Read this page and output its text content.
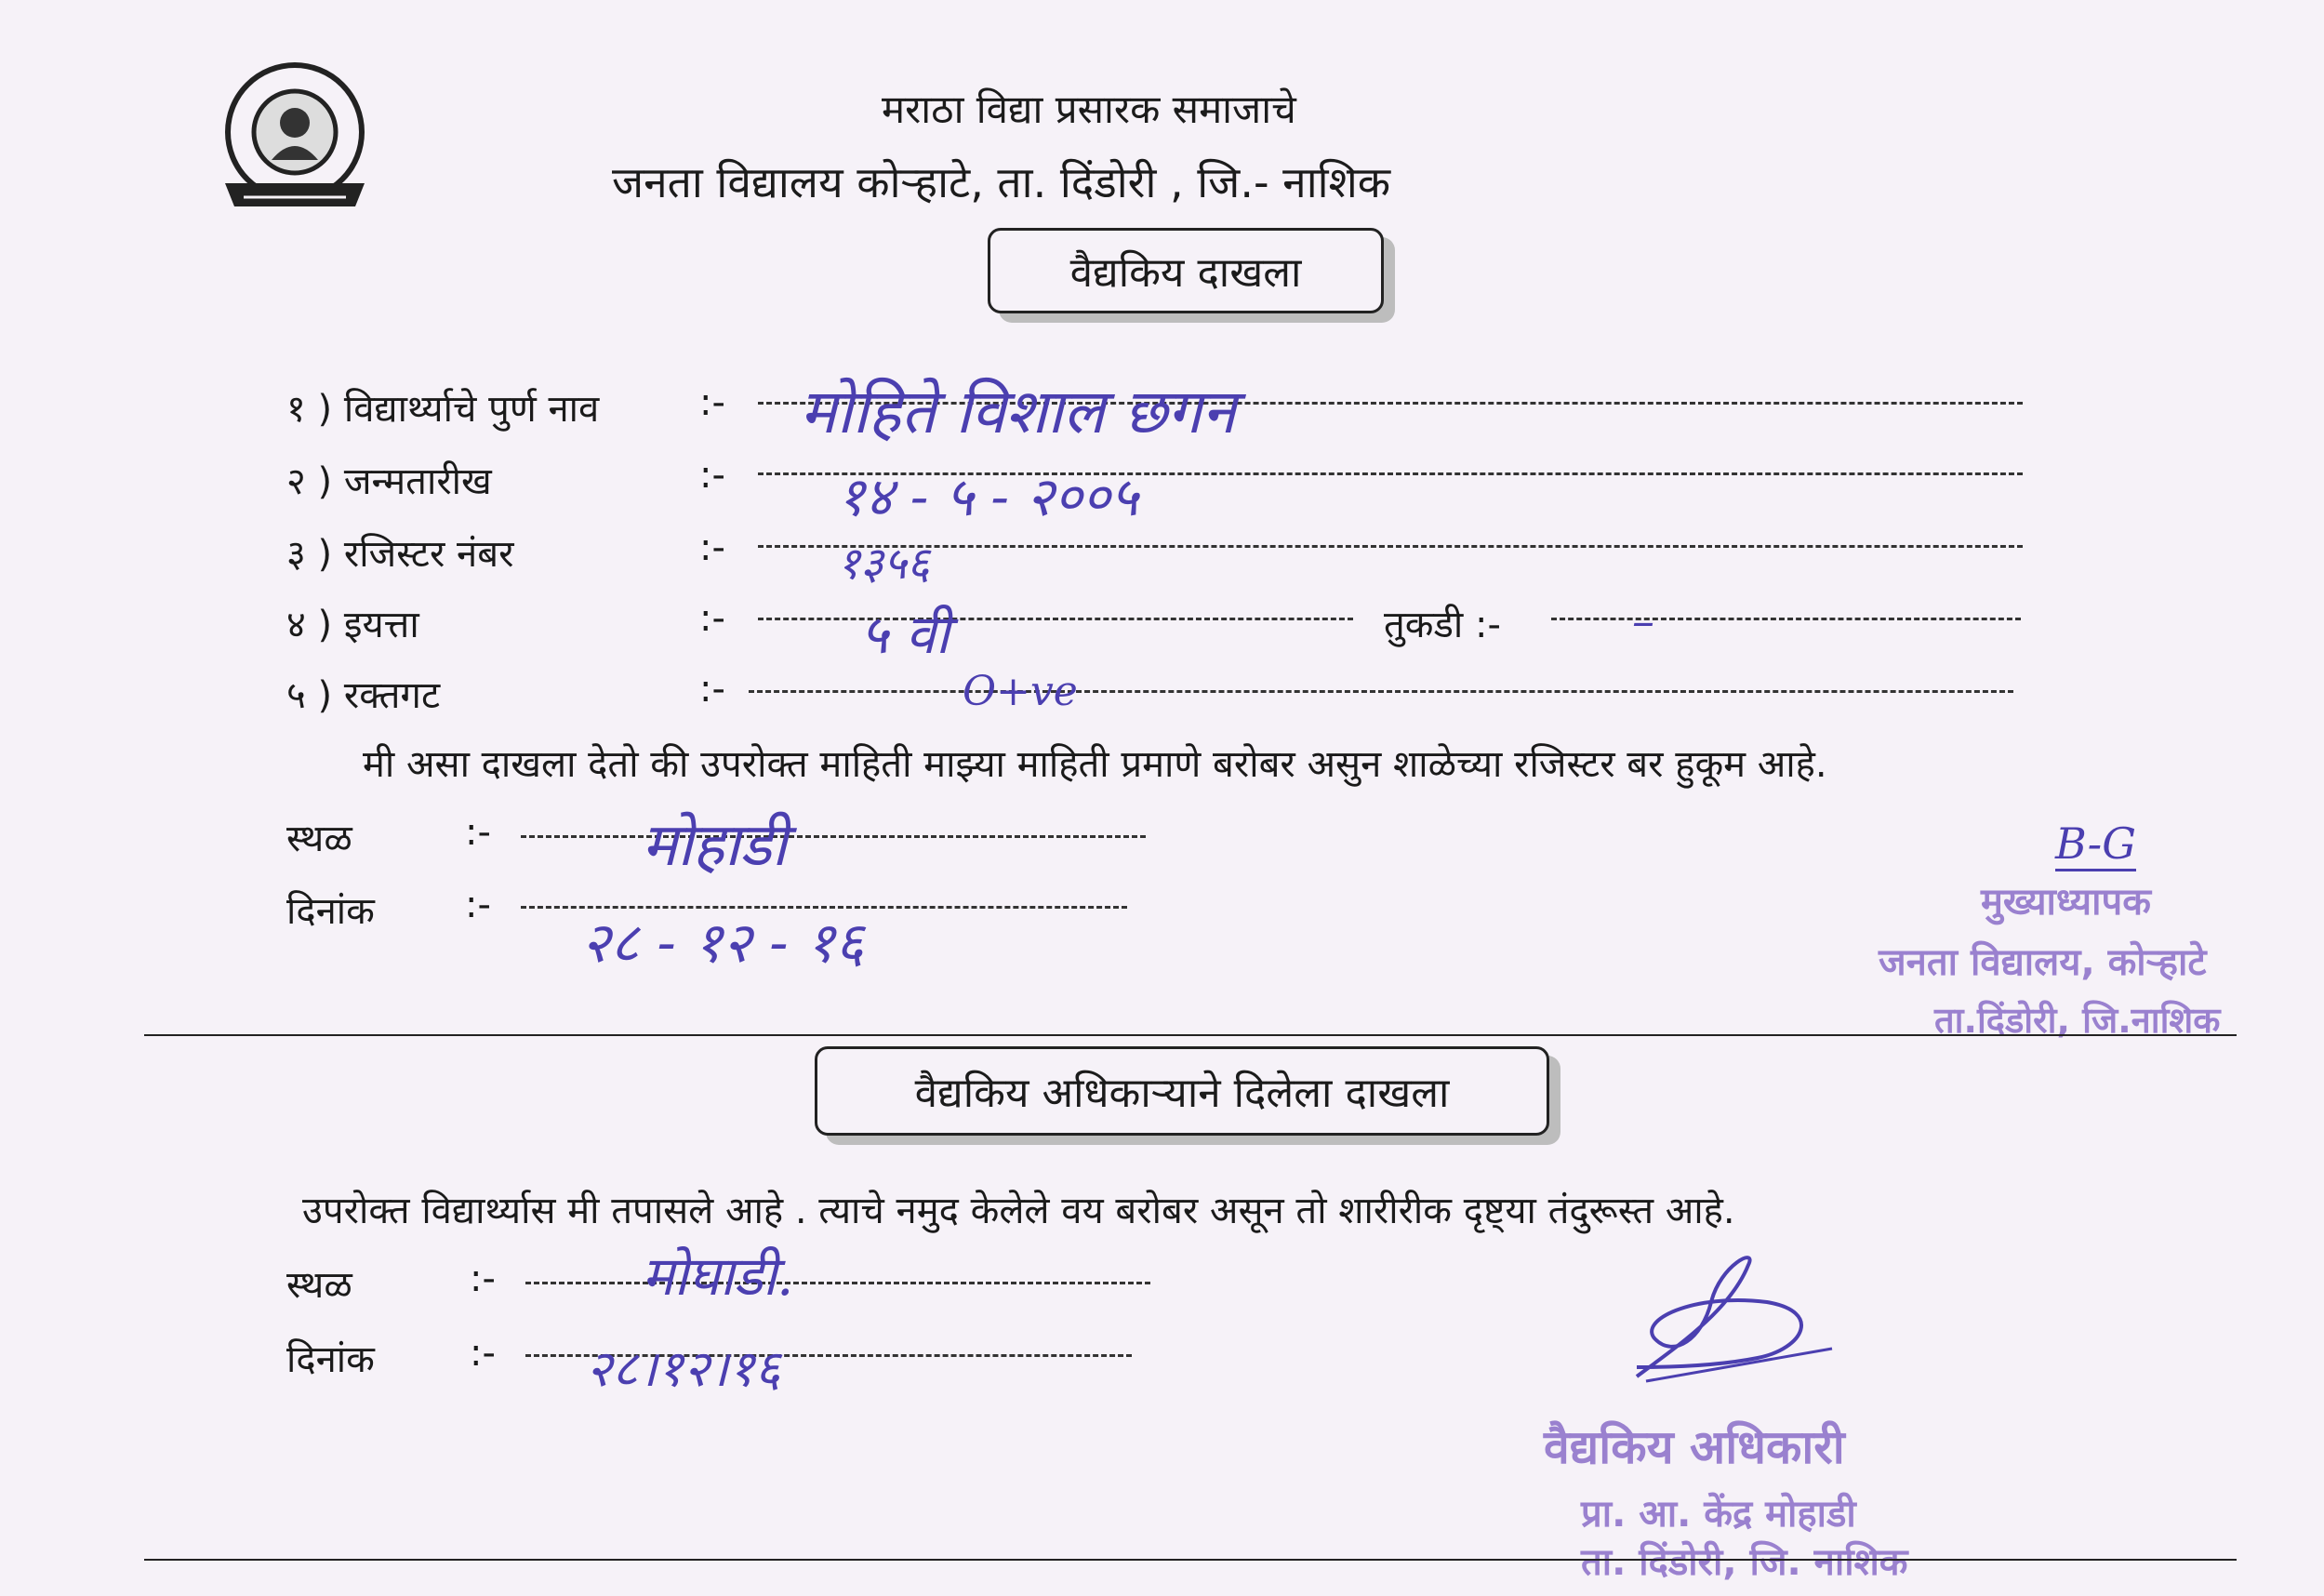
मराठा विद्या प्रसारक समाजाचे
जनता विद्यालय कोऱ्हाटे, ता. दिंडोरी , जि.- नाशिक
वैद्यकिय दाखला
१ ) विद्यार्थ्याचे पुर्ण नाव	:- मोहिते विशाल छगन
२ ) जन्मतारीख	:- १४ - ५ - २००५
३ ) रजिस्टर नंबर	:-	१३५६
४ ) इयत्ता	:-	५ वी	तुकडी :-	–
५ ) रक्तगट	:-	O+ve
मी असा दाखला देतो की उपरोक्त माहिती माझ्या माहिती प्रमाणे बरोबर असुन शाळेच्या रजिस्टर बर हुकूम आहे.
स्थळ	:-	मोहाडी
दिनांक :-
२८ - १२ - १६
B-G
मुख्याध्यापक
जनता विद्यालय, कोऱ्हाटे
ता.दिंडोरी, जि.नाशिक
वैद्यकिय अधिकाऱ्याने दिलेला दाखला
उपरोक्त विद्यार्थ्यास मी तपासले आहे . त्याचे नमुद केलेले वय बरोबर असून तो शारीरीक दृष्ट्या तंदुरूस्त आहे.
स्थळ	:-	मोघाडी.
दिनांक	:- २८।१२।१६
वैद्यकिय अधिकारी
प्रा. आ. केंद्र मोहाडी
ता. दिंडोरी, जि. नाशिक
